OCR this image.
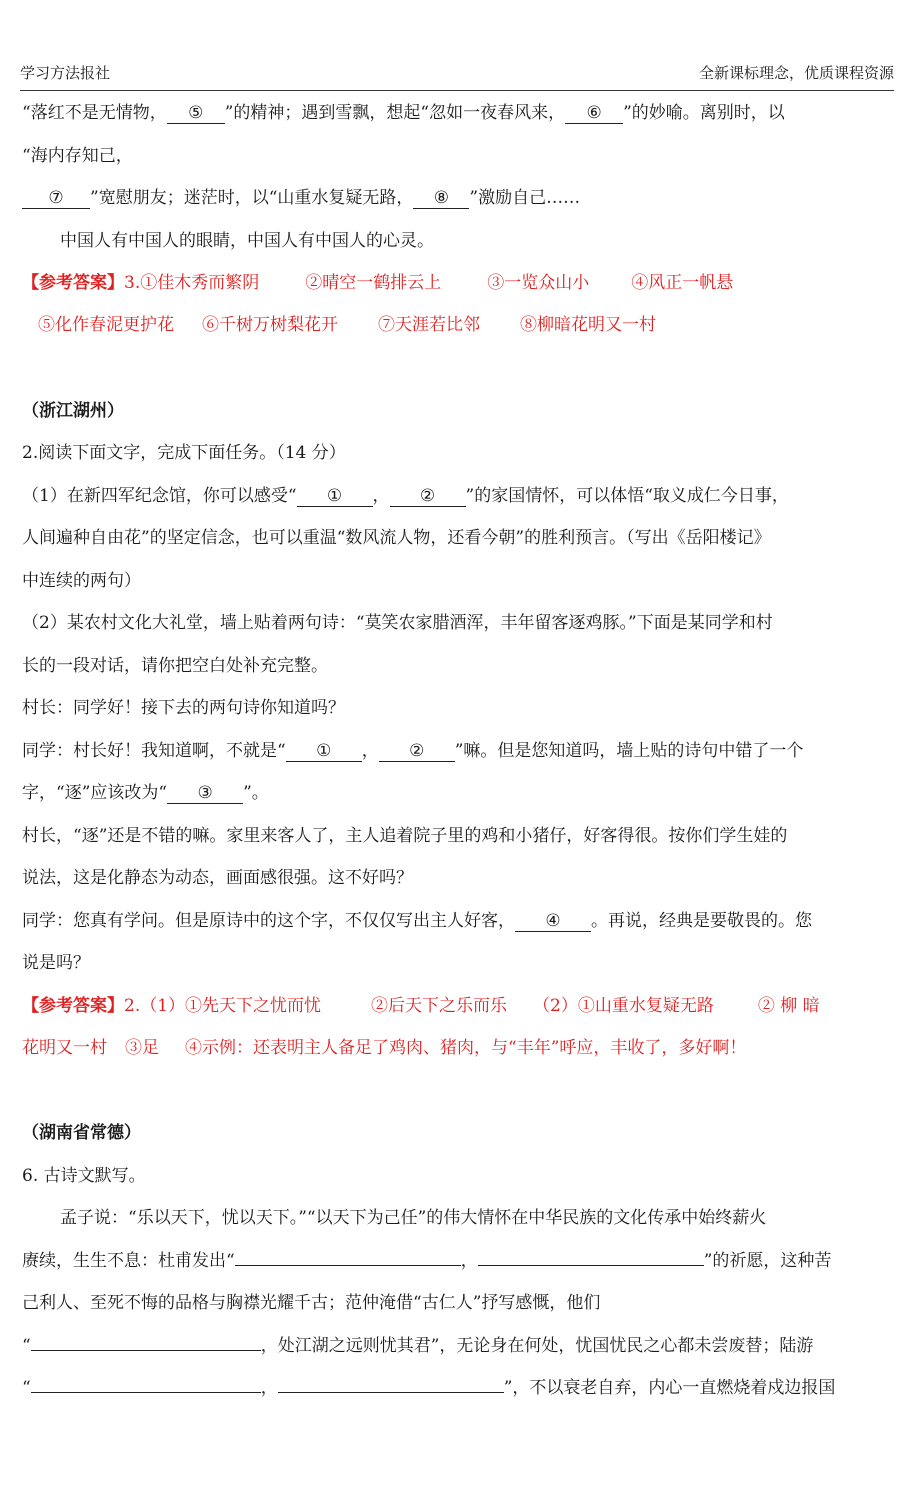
学习方法报社	全新课标理念，优质课程资源
“落红不是无情物， ⑤ ”的精神；遇到雪飘，想起“忽如一夜春风来， ⑥ ”的妙喻。离别时，以
“海内存知己，
⑦ ”宽慰朋友；迷茫时，以“山重水复疑无路， ⑧ ”激励自己……
中国人有中国人的眼睛，中国人有中国人的心灵。
【参考答案】3.①佳木秀而繁阴	②晴空一鹤排云上	③一览众山小 ④风正一帆悬
⑤化作春泥更护花 ⑥千树万树梨花开 ⑦天涯若比邻 ⑧柳暗花明又一村
（浙江湖州）
2.阅读下面文字，完成下面任务。（14 分）
（1）在新四军纪念馆，你可以感受“ ① ， ② ”的家国情怀，可以体悟“取义成仁今日事，
人间遍种自由花”的坚定信念，也可以重温“数风流人物，还看今朝”的胜利预言。（写出《岳阳楼记》
中连续的两句）
（2）某农村文化大礼堂，墙上贴着两句诗：“莫笑农家腊酒浑，丰年留客逐鸡豚。”下面是某同学和村
长的一段对话，请你把空白处补充完整。
村长：同学好！接下去的两句诗你知道吗？
同学：村长好！我知道啊，不就是“ ① ， ② ”嘛。但是您知道吗，墙上贴的诗句中错了一个
字，“逐”应该改为“ ③ ”。
村长，“逐”还是不错的嘛。家里来客人了，主人追着院子里的鸡和小猪仔，好客得很。按你们学生娃的
说法，这是化静态为动态，画面感很强。这不好吗？
同学：您真有学问。但是原诗中的这个字，不仅仅写出主人好客， ④ 。再说，经典是要敬畏的。您
说是吗？
【参考答案】2.（1）①先天下之忧而忧	②后天下之乐而乐 （2）①山重水复疑无路	② 柳 暗
花明又一村 ③足 ④示例：还表明主人备足了鸡肉、猪肉，与“丰年”呼应，丰收了，多好啊！
（湖南省常德）
6. 古诗文默写。
孟子说：“乐以天下，忧以天下。”“以天下为己任”的伟大情怀在中华民族的文化传承中始终薪火
赓续，生生不息：杜甫发出“	，	”的祈愿，这种苦
己利人、至死不悔的品格与胸襟光耀千古；范仲淹借“古仁人”抒写感慨，他们
“	，处江湖之远则忧其君”，无论身在何处，忧国忧民之心都未尝废替；陆游
“	，	”，不以衰老自弃，内心一直燃烧着戍边报国
